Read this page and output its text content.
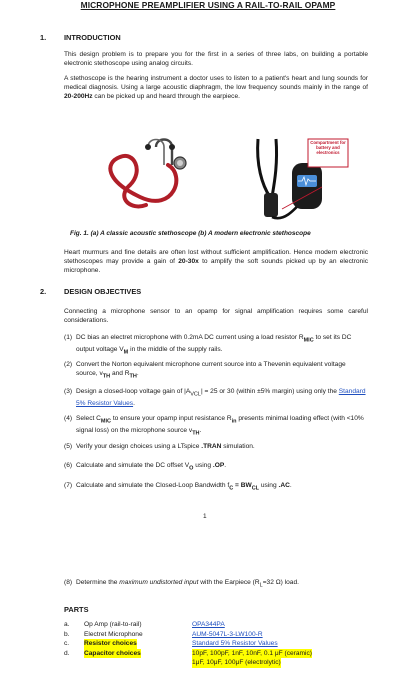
MICROPHONE PREAMPLIFIER USING A RAIL-TO-RAIL OPAMP
1. INTRODUCTION
This design problem is to prepare you for the first in a series of three labs, on building a portable electronic stethoscope using analog circuits.
A stethoscope is the hearing instrument a doctor uses to listen to a patient's heart and lung sounds for medical diagnosis. Using a large acoustic diaphragm, the low frequency sounds mainly in the range of 20-200Hz can be picked up and heard through the earpiece.
Compartment for battery and electronics
Fig. 1. (a) A classic acoustic stethoscope (b) A modern electronic stethoscope
Heart murmurs and fine details are often lost without sufficient amplification. Hence modern electronic stethoscopes may provide a gain of 20-30x to amplify the soft sounds picked up by an electronic microphone.
2. DESIGN OBJECTIVES
Connecting a microphone sensor to an opamp for signal amplification requires some careful considerations.
(1) DC bias an electret microphone with 0.2mA DC current using a load resistor $R_{MIC}$ to set its DC output voltage $V_M$ in the middle of the supply rails.
(2) Convert the Norton equivalent microphone current source into a Thevenin equivalent voltage source, $v_{TH}$ and $R_{TH}$.
(3) Design a closed-loop voltage gain of $|A_{VCL}| = 25$ or 30 (within ±5% margin) using only the Standard 5% Resistor Values.
(4) Select $C_{MIC}$ to ensure your opamp input resistance $R_{in}$ presents minimal loading effect (with <10% signal loss) on the microphone source $v_{TH}$.
(5) Verify your design choices using a LTspice .TRAN simulation.
(6) Calculate and simulate the DC offset $V_O$ using .OP.
(7) Calculate and simulate the Closed-Loop Bandwidth $f_C = BW_{CL}$ using .AC.
1
(8) Determine the maximum undistorted input with the Earpiece ($R_L=32$ Ω) load.
PARTS
a.	Op Amp (rail-to-rail)	OPA344PA
b.	Electret Microphone	AUM-5047L-3-LW100-R
c.	Resistor choices	Standard 5% Resistor Values
d.	Capacitor choices	10pF, 100pF, 1nF, 10nF, 0.1 μF (ceramic)
1μF, 10μF, 100μF (electrolytic)
